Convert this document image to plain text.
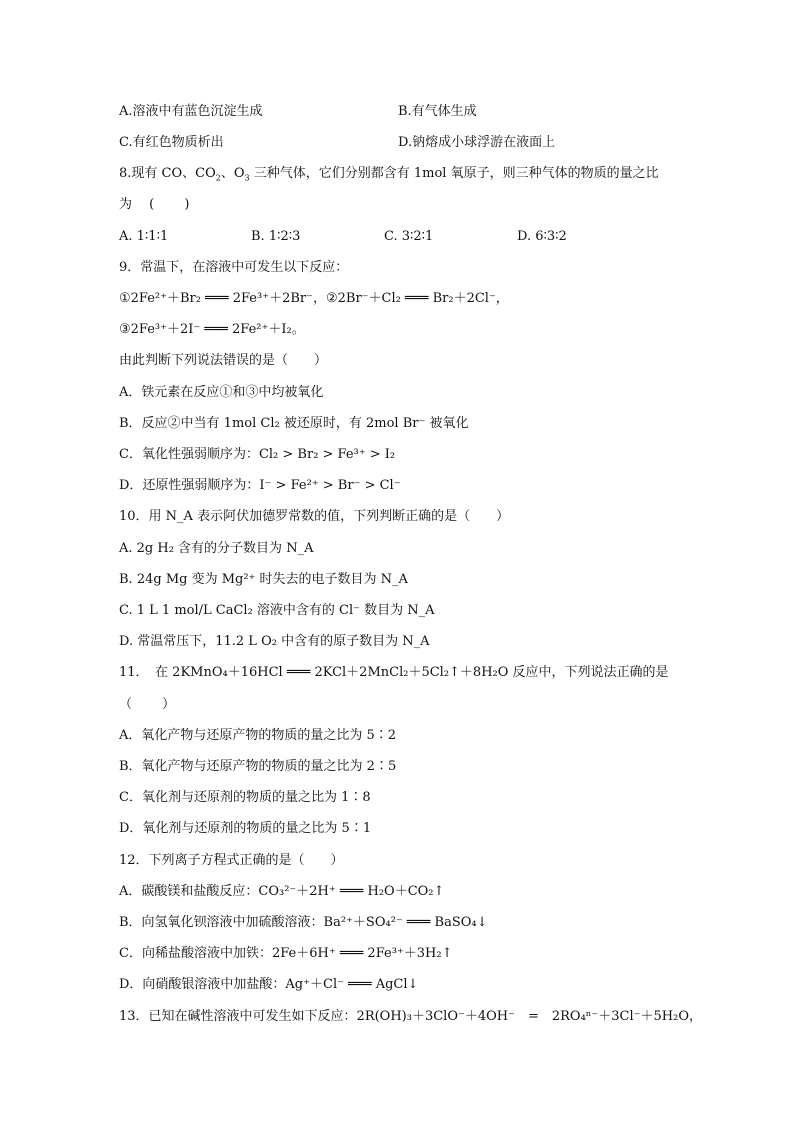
A.溶液中有蓝色沉淀生成	B.有气体生成
C.有红色物质析出	D.钠熔成小球浮游在液面上
8.现有 CO、$CO_2$、$O_3$ 三种气体，它们分别都含有 1mol 氧原子，则三种气体的物质的量之比
为　 (　　 )
A. 1∶1∶1	B. 1∶2∶3	C. 3∶2∶1	D. 6∶3∶2
9．常温下，在溶液中可发生以下反应：
①2Fe²⁺＋Br₂ ═══ 2Fe³⁺＋2Br⁻，②2Br⁻＋Cl₂ ═══ Br₂＋2Cl⁻，
③2Fe³⁺＋2I⁻ ═══ 2Fe²⁺＋I₂。
由此判断下列说法错误的是（　　）
A．铁元素在反应①和③中均被氧化
B．反应②中当有 1mol Cl₂ 被还原时，有 2mol Br⁻ 被氧化
C．氧化性强弱顺序为：Cl₂ > Br₂ > Fe³⁺ > I₂
D．还原性强弱顺序为：I⁻ > Fe²⁺ > Br⁻ > Cl⁻
10．用 N_A 表示阿伏加德罗常数的值，下列判断正确的是（　　）
A. 2g H₂ 含有的分子数目为 N_A
B. 24g Mg 变为 Mg²⁺ 时失去的电子数目为 N_A
C. 1 L 1 mol/L CaCl₂ 溶液中含有的 Cl⁻ 数目为 N_A
D. 常温常压下，11.2 L O₂ 中含有的原子数目为 N_A
11．　在 2KMnO₄＋16HCl ═══ 2KCl＋2MnCl₂＋5Cl₂↑＋8H₂O 反应中，下列说法正确的是
（　　 ）
A．氧化产物与还原产物的物质的量之比为 5∶2
B．氧化产物与还原产物的物质的量之比为 2∶5
C．氧化剂与还原剂的物质的量之比为 1∶8
D．氧化剂与还原剂的物质的量之比为 5∶1
12．下列离子方程式正确的是（　　）
A．碳酸镁和盐酸反应：CO₃²⁻＋2H⁺ ═══ H₂O＋CO₂↑
B．向氢氧化钡溶液中加硫酸溶液：Ba²⁺＋SO₄²⁻ ═══ BaSO₄↓
C．向稀盐酸溶液中加铁：2Fe＋6H⁺ ═══ 2Fe³⁺＋3H₂↑
D．向硝酸银溶液中加盐酸：Ag⁺＋Cl⁻ ═══ AgCl↓
13．已知在碱性溶液中可发生如下反应：2R(OH)₃＋3ClO⁻＋4OH⁻　=　2RO₄ⁿ⁻＋3Cl⁻＋5H₂O，
